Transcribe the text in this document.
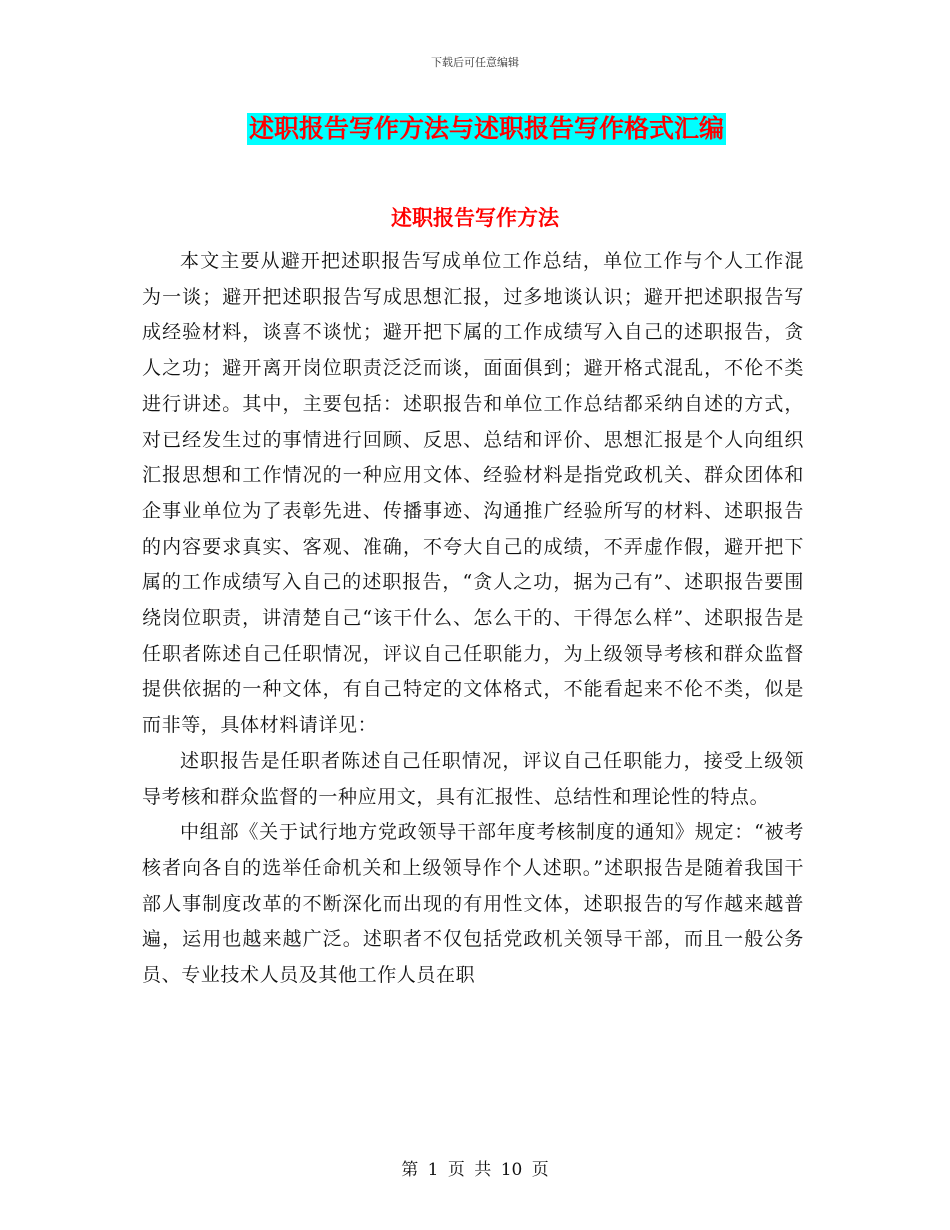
下载后可任意编辑
述职报告写作方法与述职报告写作格式汇编
述职报告写作方法

本文主要从避开把述职报告写成单位工作总结，单位工作与个人工作混为一谈；避开把述职报告写成思想汇报，过多地谈认识；避开把述职报告写成经验材料，谈喜不谈忧；避开把下属的工作成绩写入自己的述职报告，贪人之功；避开离开岗位职责泛泛而谈，面面俱到；避开格式混乱，不伦不类进行讲述。其中，主要包括：述职报告和单位工作总结都采纳自述的方式，对已经发生过的事情进行回顾、反思、总结和评价、思想汇报是个人向组织汇报思想和工作情况的一种应用文体、经验材料是指党政机关、群众团体和企事业单位为了表彰先进、传播事迹、沟通推广经验所写的材料、述职报告的内容要求真实、客观、准确，不夸大自己的成绩，不弄虚作假，避开把下属的工作成绩写入自己的述职报告，“贪人之功，据为己有”、述职报告要围绕岗位职责，讲清楚自己“该干什么、怎么干的、干得怎么样”、述职报告是任职者陈述自己任职情况，评议自己任职能力，为上级领导考核和群众监督提供依据的一种文体，有自己特定的文体格式，不能看起来不伦不类，似是而非等，具体材料请详见：

述职报告是任职者陈述自己任职情况，评议自己任职能力，接受上级领导考核和群众监督的一种应用文，具有汇报性、总结性和理论性的特点。

中组部《关于试行地方党政领导干部年度考核制度的通知》规定：“被考核者向各自的选举任命机关和上级领导作个人述职。”述职报告是随着我国干部人事制度改革的不断深化而出现的有用性文体，述职报告的写作越来越普遍，运用也越来越广泛。述职者不仅包括党政机关领导干部，而且一般公务员、专业技术人员及其他工作人员在职

第 1 页 共 10 页
